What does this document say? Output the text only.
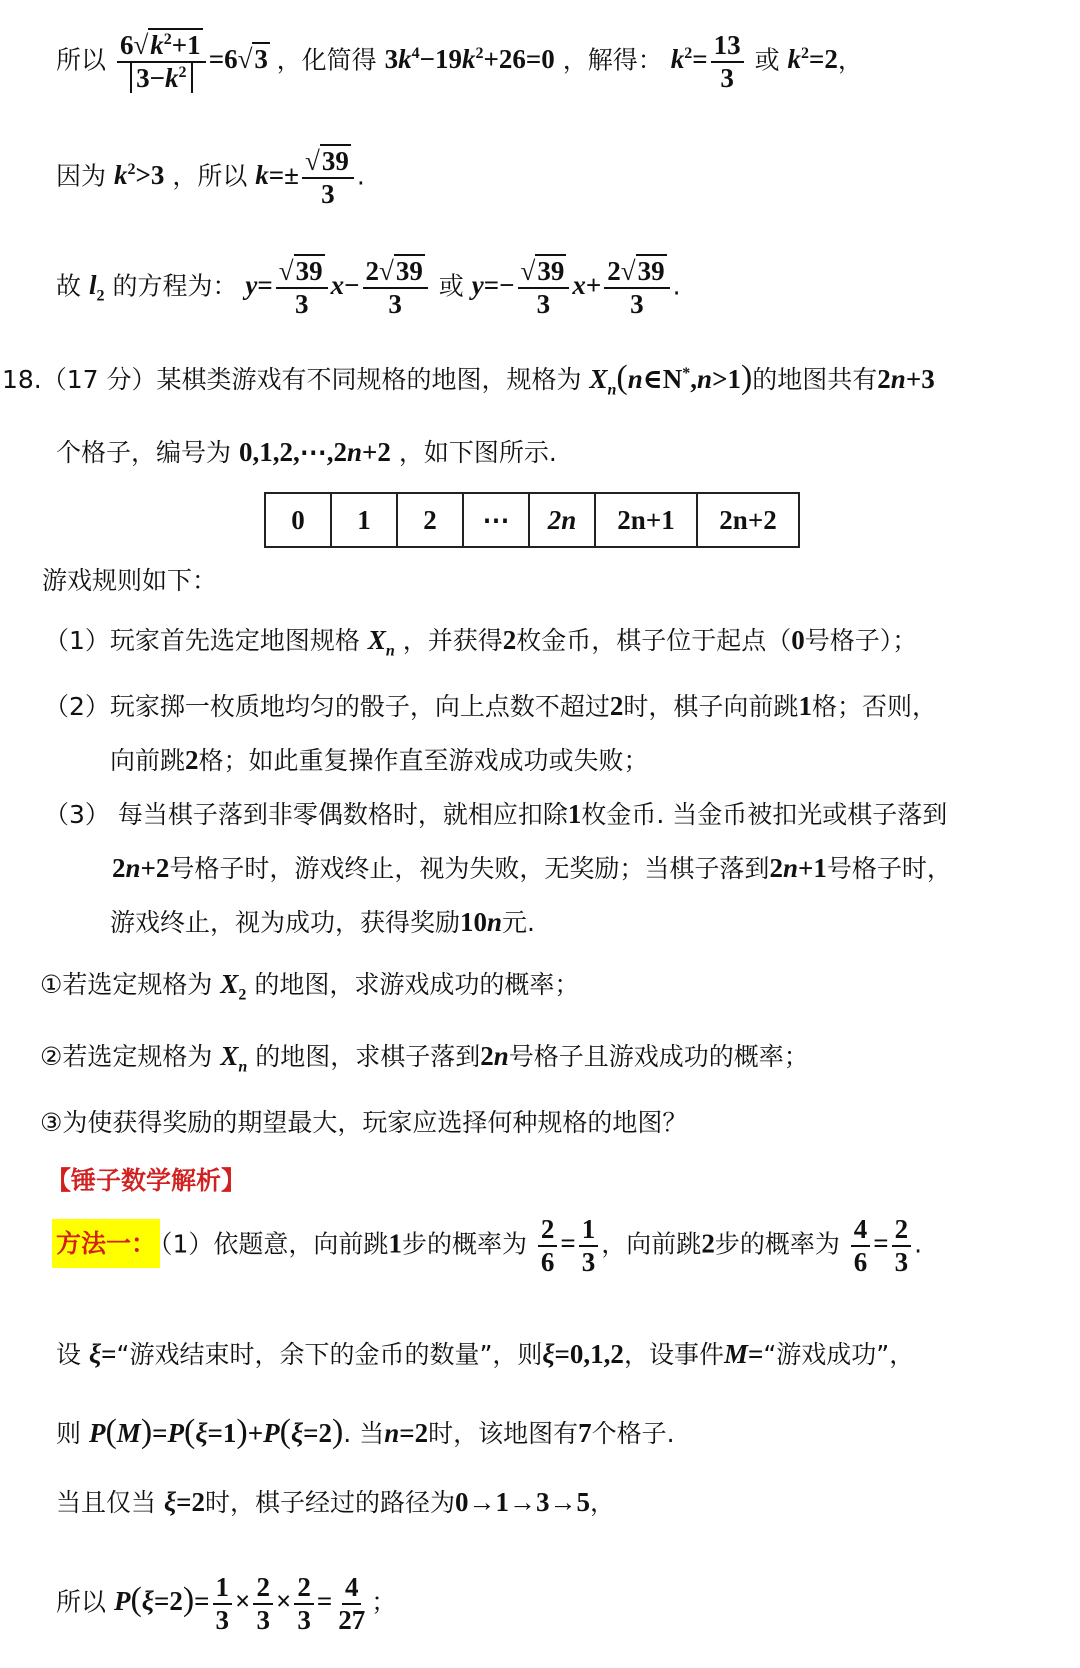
所以 $\frac{6√k^2+1}{3-k^2} =6√3$ ，化简得 $3k^4-19k^2+26=0$ ，解得： $k^2= \frac{13}{3}$ 或 $k^2=2$，
因为 $k^2>3$ ，所以 $k=\pm \frac{√39}{3}$ .
故 $l_2$ 的方程为： $y= \frac{√39}{3} x- \frac{2√39}{3}$ 或 $y=- \frac{√39}{3} x+ \frac{2√39}{3}$ .
18.（17 分）某棋类游戏有不同规格的地图，规格为 $X_n(n\in N^*,n>1)$的地图共有2n+3
个格子，编号为 0,1,2,⋯,2n+2 ，如下图所示.
0	1	2	⋯	2n	2n+1	2n+2
游戏规则如下：
（1）玩家首先选定地图规格 $X_n$ ，并获得2枚金币，棋子位于起点（0号格子）；
（2）玩家掷一枚质地均匀的骰子，向上点数不超过2时，棋子向前跳1格；否则，
向前跳2格；如此重复操作直至游戏成功或失败；
（3） 每当棋子落到非零偶数格时，就相应扣除1枚金币. 当金币被扣光或棋子落到
2n+2号格子时，游戏终止，视为失败，无奖励；当棋子落到2n+1号格子时，
游戏终止，视为成功，获得奖励10n元.
①若选定规格为 $X_2$ 的地图，求游戏成功的概率；
②若选定规格为 $X_n$ 的地图，求棋子落到2n号格子且游戏成功的概率；
③为使获得奖励的期望最大，玩家应选择何种规格的地图？
【锤子数学解析】
方法一： （1）依题意，向前跳1步的概率为 $\frac{2}{6} = \frac{1}{3}$ ，向前跳2步的概率为 $\frac{4}{6} = \frac{2}{3}$ .
设 ξ=“游戏结束时，余下的金币的数量”，则ξ=0,1,2，设事件M=“游戏成功”，
则 P(M)=P(ξ=1)+P(ξ=2). 当n=2时，该地图有7个格子.
当且仅当 ξ=2时，棋子经过的路径为0→1→3→5，
所以 $P(\xi=2)= \frac{1}{3} \times \frac{2}{3} \times \frac{2}{3} = \frac{4}{27}$ ；
